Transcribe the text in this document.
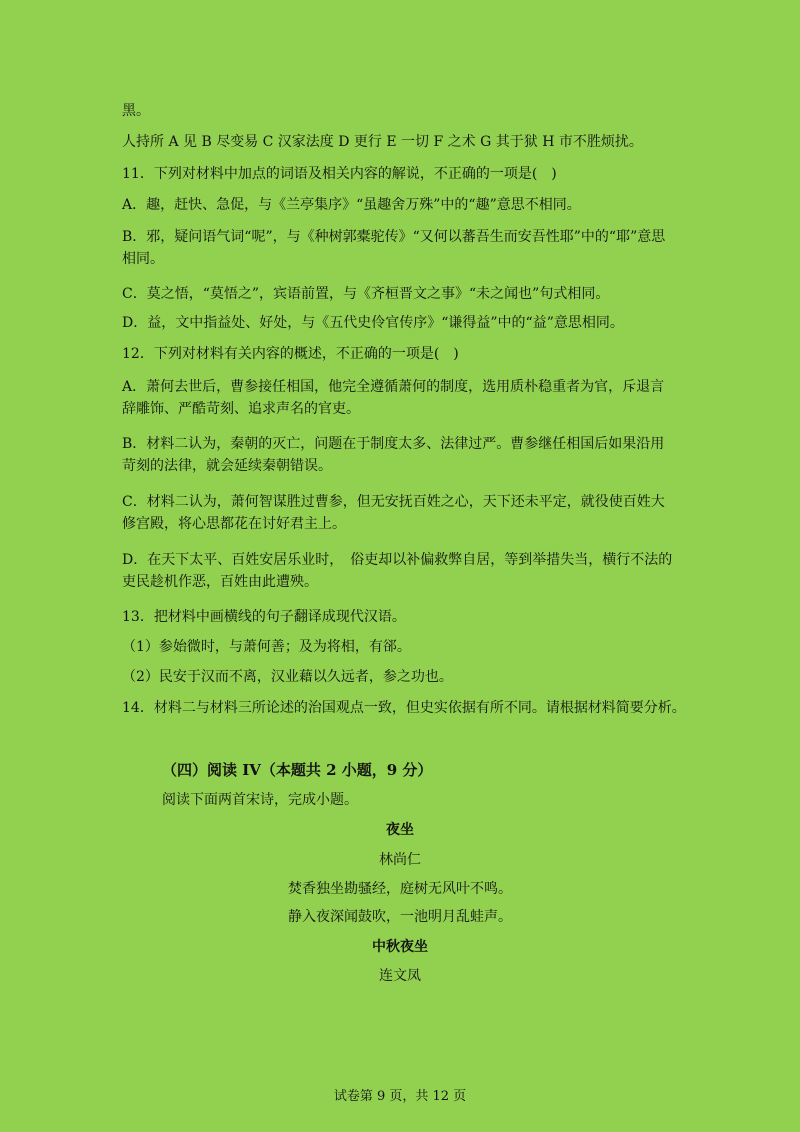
黑。
人持所 A 见 B 尽变易 C 汉家法度 D 更行 E 一切 F 之术 G 其于狱 H 市不胜烦扰。
11．下列对材料中加点的词语及相关内容的解说，不正确的一项是(　)
A．趣，赶快、急促，与《兰亭集序》“虽趣舍万殊”中的“趣”意思不相同。
B．邪，疑问语气词“呢”，与《种树郭橐驼传》“又何以蕃吾生而安吾性耶”中的“耶”意思
相同。
C．莫之悟，“莫悟之”，宾语前置，与《齐桓晋文之事》“未之闻也”句式相同。
D．益，文中指益处、好处，与《五代史伶官传序》“谦得益”中的“益”意思相同。
12．下列对材料有关内容的概述，不正确的一项是(　)
A．萧何去世后，曹参接任相国，他完全遵循萧何的制度，选用质朴稳重者为官，斥退言
辞雕饰、严酷苛刻、追求声名的官吏。
B．材料二认为，秦朝的灭亡，问题在于制度太多、法律过严。曹参继任相国后如果沿用
苛刻的法律，就会延续秦朝错误。
C．材料二认为，萧何智谋胜过曹参，但无安抚百姓之心，天下还未平定，就役使百姓大
修宫殿，将心思都花在讨好君主上。
D．在天下太平、百姓安居乐业时，　俗吏却以补偏救弊自居，等到举措失当，横行不法的
吏民趁机作恶，百姓由此遭殃。
13．把材料中画横线的句子翻译成现代汉语。
（1）参始微时，与萧何善；及为将相，有郤。
（2）民安于汉而不离，汉业藉以久远者，参之功也。
14．材料二与材料三所论述的治国观点一致，但史实依据有所不同。请根据材料简要分析。
（四）阅读 IV（本题共 2 小题，9 分）
阅读下面两首宋诗，完成小题。
夜坐
林尚仁
焚香独坐勘骚经，庭树无风叶不鸣。
静入夜深闻鼓吹，一池明月乱蛙声。
中秋夜坐
连文凤
试卷第 9 页，共 12 页
